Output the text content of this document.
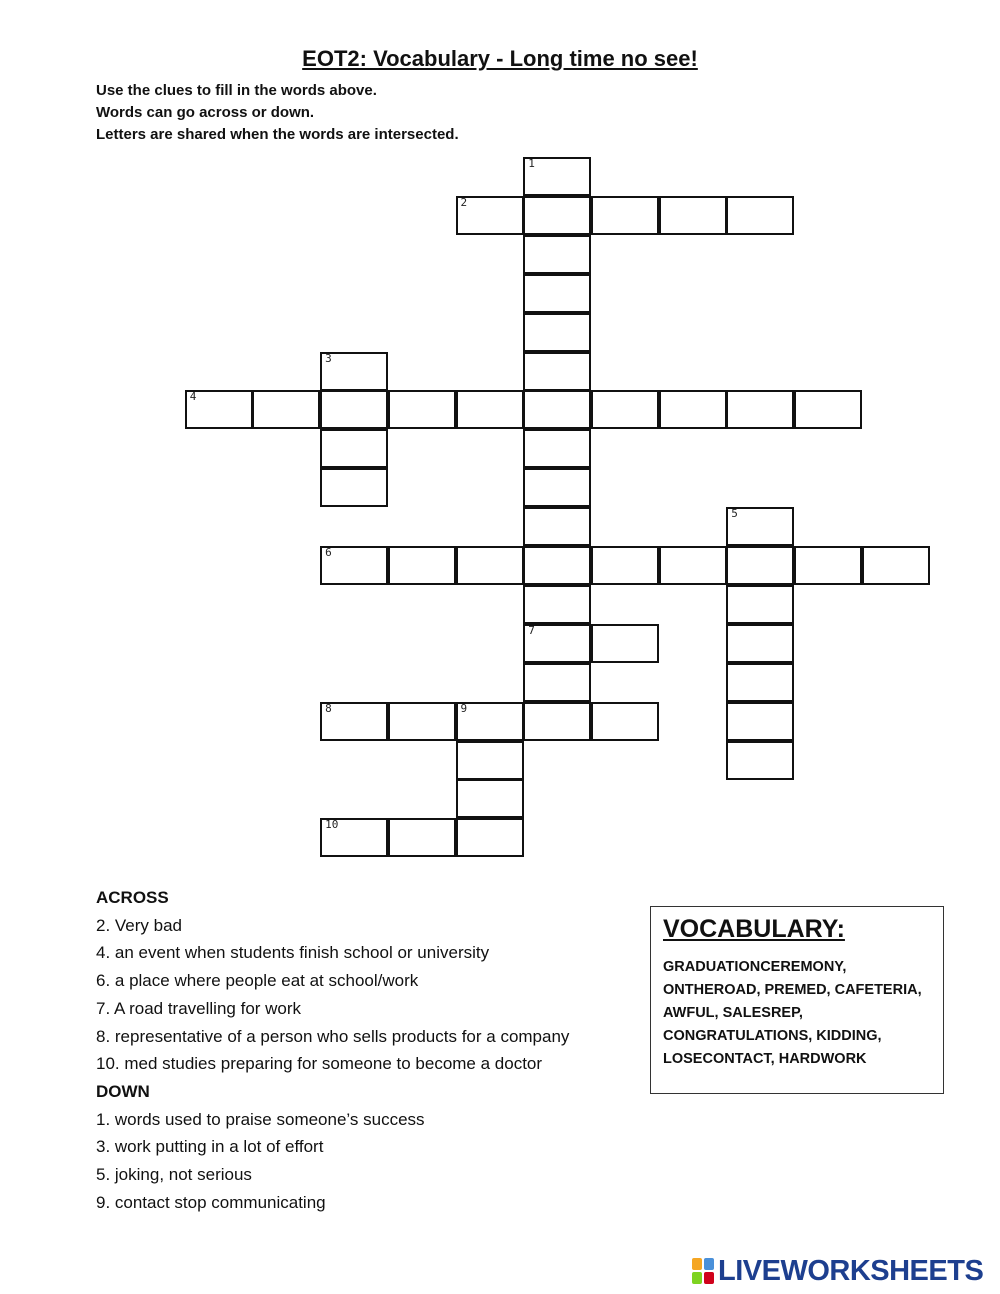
EOT2: Vocabulary - Long time no see!
Use the clues to fill in the words above.
Words can go across or down.
Letters are shared when the words are intersected.
1
7
2
3
4
5
6
8	9
10
ACROSS
2. Very bad
4. an event when students finish school or university
6. a place where people eat at school/work
7. A road travelling for work
8. representative of a person who sells products for a company
10. med studies preparing for someone to become a doctor
DOWN
1. words used to praise someone’s success
3. work putting in a lot of effort
5. joking, not serious
9. contact stop communicating
VOCABULARY:
GRADUATIONCEREMONY, ONTHEROAD, PREMED, CAFETERIA, AWFUL, SALESREP, CONGRATULATIONS, KIDDING, LOSECONTACT, HARDWORK
LIVEWORKSHEETS
